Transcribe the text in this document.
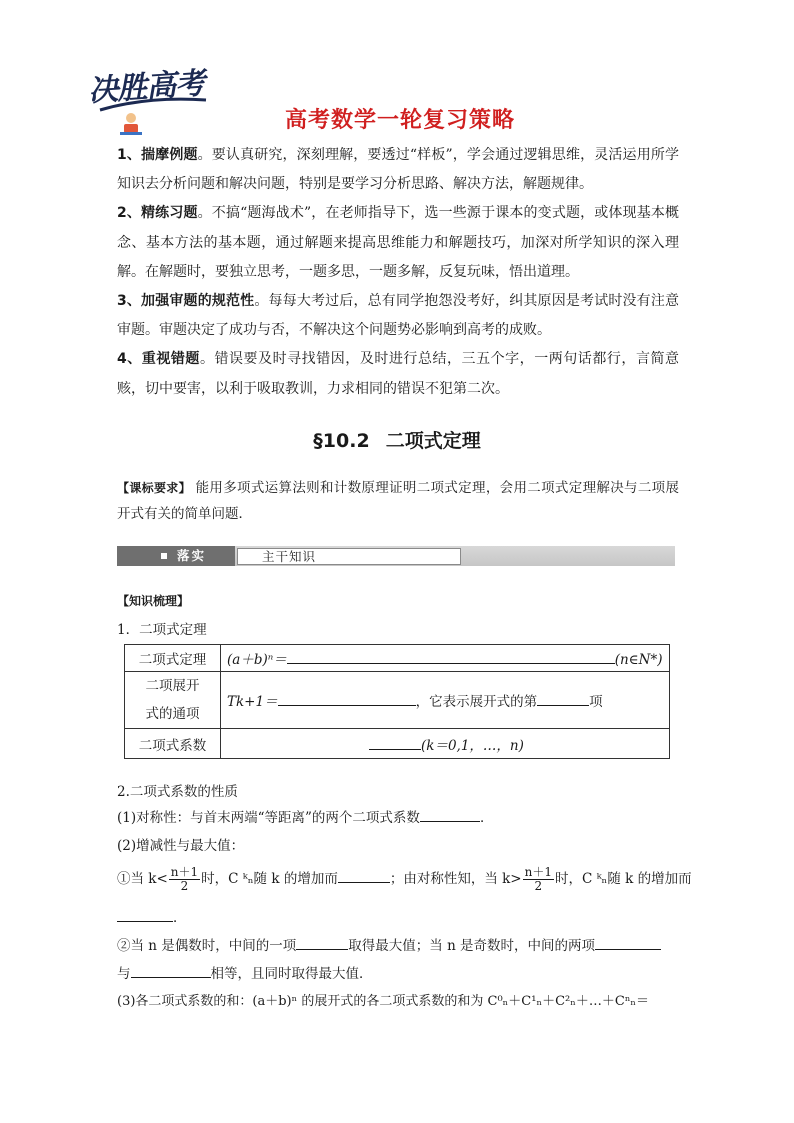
决胜高考
高考数学一轮复习策略

1、揣摩例题。要认真研究，深刻理解，要透过“样板”，学会通过逻辑思维，灵活运用所学知识去分析问题和解决问题，特别是要学习分析思路、解决方法，解题规律。

2、精练习题。不搞“题海战术”，在老师指导下，选一些源于课本的变式题，或体现基本概念、基本方法的基本题，通过解题来提高思维能力和解题技巧，加深对所学知识的深入理解。在解题时，要独立思考，一题多思，一题多解，反复玩味，悟出道理。

3、加强审题的规范性。每每大考过后，总有同学抱怨没考好，纠其原因是考试时没有注意审题。审题决定了成功与否，不解决这个问题势必影响到高考的成败。

4、重视错题。错误要及时寻找错因，及时进行总结，三五个字，一两句话都行，言简意赅，切中要害，以利于吸取教训，力求相同的错误不犯第二次。

§10.2 二项式定理
【课标要求】 能用多项式运算法则和计数原理证明二项式定理，会用二项式定理解决与二项展开式有关的简单问题．
落实	主干知识
【知识梳理】
1．二项式定理
二项式定理	(a＋b)ⁿ＝ (n∈N*)

二项展开
式的通项	Tk+1＝ ，它表示展开式的第 项
二项式系数	(k＝0,1，…，n)
2.二项式系数的性质
(1)对称性：与首末两端“等距离”的两个二项式系数	．
(2)增减性与最大值：
①当 $k< \frac{n+1}{2}$ 时，C ᵏₙ随 k 的增加而	；由对称性知，当 $k> \frac{n+1}{2}$ 时，C ᵏₙ随 k 的增加而
．
②当 n 是偶数时，中间的一项	取得最大值；当 n 是奇数时，中间的两项
与	相等，且同时取得最大值．
(3)各二项式系数的和：(a＋b)ⁿ 的展开式的各二项式系数的和为 C⁰ₙ＋C¹ₙ＋C²ₙ＋…＋Cⁿₙ＝
